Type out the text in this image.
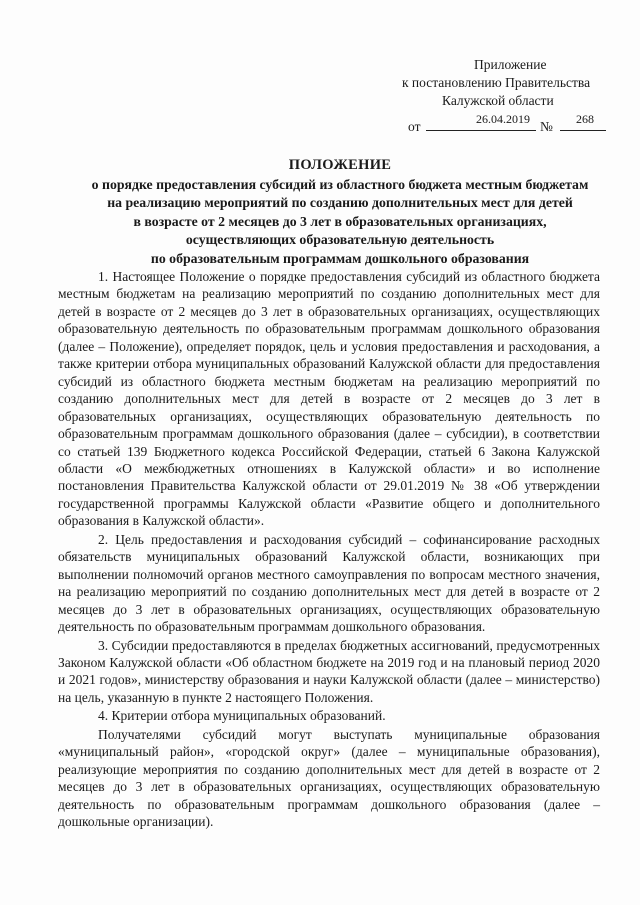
Приложение
к постановлению Правительства
Калужской области
от	26.04.2019 № 268
ПОЛОЖЕНИЕ
о порядке предоставления субсидий из областного бюджета местным бюджетам
на реализацию мероприятий по созданию дополнительных мест для детей
в возрасте от 2 месяцев до 3 лет в образовательных организациях,
осуществляющих образовательную деятельность
по образовательным программам дошкольного образования

1. Настоящее Положение о порядке предоставления субсидий из областного бюджета местным бюджетам на реализацию мероприятий по созданию дополнительных мест для детей в возрасте от 2 месяцев до 3 лет в образовательных организациях, осуществляющих образовательную деятельность по образовательным программам дошкольного образования (далее – Положение), определяет порядок, цель и условия предоставления и расходования, а также критерии отбора муниципальных образований Калужской области для предоставления субсидий из областного бюджета местным бюджетам на реализацию мероприятий по созданию дополнительных мест для детей в возрасте от 2 месяцев до 3 лет в образовательных организациях, осуществляющих образовательную деятельность по образовательным программам дошкольного образования (далее – субсидии), в соответствии со статьей 139 Бюджетного кодекса Российской Федерации, статьей 6 Закона Калужской области «О межбюджетных отношениях в Калужской области» и во исполнение постановления Правительства Калужской области от 29.01.2019 № 38 «Об утверждении государственной программы Калужской области «Развитие общего и дополнительного образования в Калужской области».

2. Цель предоставления и расходования субсидий – софинансирование расходных обязательств муниципальных образований Калужской области, возникающих при выполнении полномочий органов местного самоуправления по вопросам местного значения, на реализацию мероприятий по созданию дополнительных мест для детей в возрасте от 2 месяцев до 3 лет в образовательных организациях, осуществляющих образовательную деятельность по образовательным программам дошкольного образования.

3. Субсидии предоставляются в пределах бюджетных ассигнований, предусмотренных Законом Калужской области «Об областном бюджете на 2019 год и на плановый период 2020 и 2021 годов», министерству образования и науки Калужской области (далее – министерство) на цель, указанную в пункте 2 настоящего Положения.

4. Критерии отбора муниципальных образований.

Получателями субсидий могут выступать муниципальные образования «муниципальный район», «городской округ» (далее – муниципальные образования), реализующие мероприятия по созданию дополнительных мест для детей в возрасте от 2 месяцев до 3 лет в образовательных организациях, осуществляющих образовательную деятельность по образовательным программам дошкольного образования (далее – дошкольные организации).
